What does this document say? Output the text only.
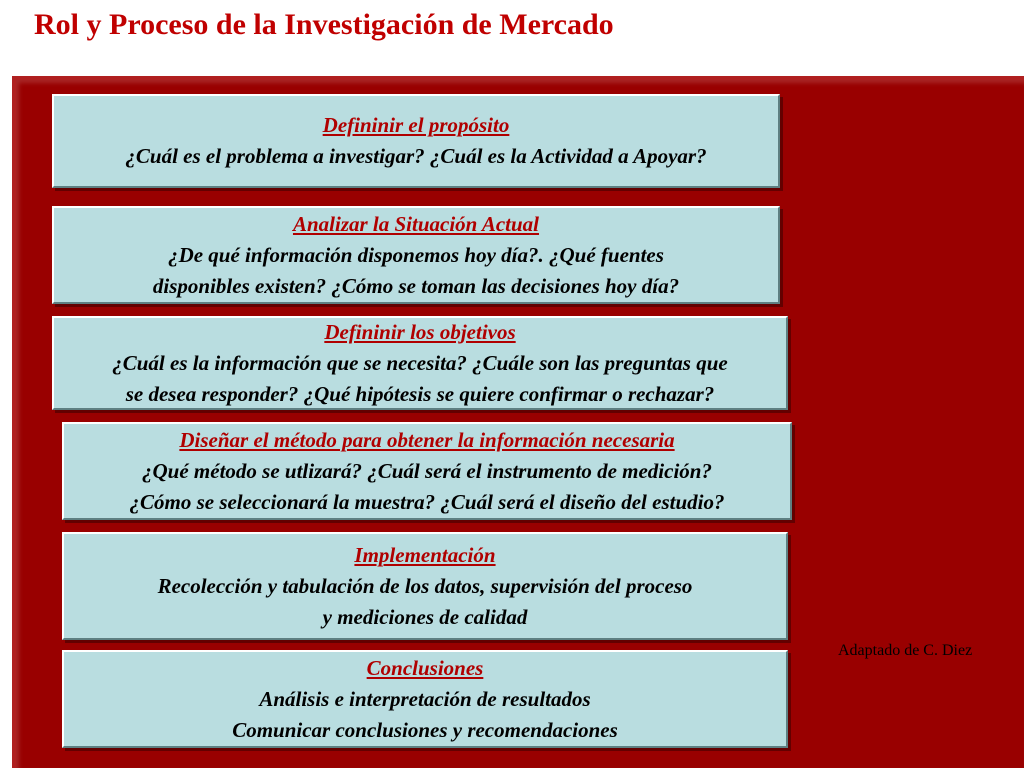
Rol y Proceso de la Investigación de Mercado
Defininir el propósito
¿Cuál es el problema a investigar? ¿Cuál es la Actividad a Apoyar?
Analizar la Situación Actual
¿De qué información disponemos hoy día?. ¿Qué fuentes
disponibles existen? ¿Cómo se toman las decisiones hoy día?
Defininir los objetivos
¿Cuál es la información que se necesita? ¿Cuále son las preguntas que
se desea responder? ¿Qué hipótesis se quiere confirmar o rechazar?
Diseñar el método para obtener la información necesaria
¿Qué método se utlizará? ¿Cuál será el instrumento de medición?
¿Cómo se seleccionará la muestra? ¿Cuál será el diseño del estudio?
Implementación
Recolección y tabulación de los datos, supervisión del proceso
y mediciones de calidad
Conclusiones
Análisis e interpretación de resultados
Comunicar conclusiones y recomendaciones
Adaptado de C. Diez
